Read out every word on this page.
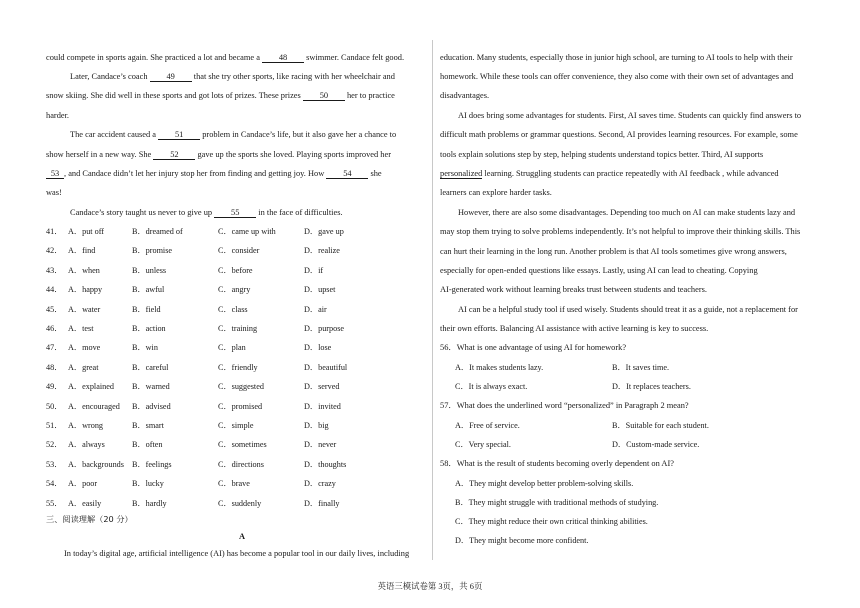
could compete in sports again. She practiced a lot and became a 48 swimmer. Candace felt good.
Later, Candace’s coach 49 that she try other sports, like racing with her wheelchair and
snow skiing. She did well in these sports and got lots of prizes. These prizes 50 her to practice
harder.
The car accident caused a 51 problem in Candace’s life, but it also gave her a chance to
show herself in a new way. She 52 gave up the sports she loved. Playing sports improved her
53 , and Candace didn’t let her injury stop her from finding and getting joy. How 54 she
was!
Candace’s story taught us never to give up 55 in the face of difficulties.
41． A．put off	B．dreamed of	C．came up with	D．gave up
42． A．find	B．promise	C．consider	D．realize
43． A．when	B．unless	C．before	D．if
44． A．happy	B．awful	C．angry	D．upset
45． A．water	B．field	C．class	D．air
46． A．test	B．action	C．training	D．purpose
47． A．move	B．win	C．plan	D．lose
48． A．great	B．careful	C．friendly	D．beautiful
49． A．explained B．warned	C．suggested	D．served
50． A．encouraged B．advised	C．promised	D．invited
51． A．wrong	B．smart	C．simple	D．big
52． A．always	B．often	C．sometimes	D．never
53． A．backgrounds B．feelings	C．directions	D．thoughts
54． A．poor	B．lucky	C．brave	D．crazy
55． A．easily	B．hardly	C．suddenly	D．finally
三、阅读理解（20 分）
A
In today’s digital age, artificial intelligence (AI) has become a popular tool in our daily lives, including
education. Many students, especially those in junior high school, are turning to AI tools to help with their
homework. While these tools can offer convenience, they also come with their own set of advantages and
disadvantages.
AI does bring some advantages for students. First, AI saves time. Students can quickly find answers to
difficult math problems or grammar questions. Second, AI provides learning resources. For example, some
tools explain solutions step by step, helping students understand topics better. Third, AI supports
personalized learning. Struggling students can practice repeatedly with AI feedback , while advanced
learners can explore harder tasks.
However, there are also some disadvantages. Depending too much on AI can make students lazy and
may stop them trying to solve problems independently. It’s not helpful to improve their thinking skills. This
can hurt their learning in the long run. Another problem is that AI tools sometimes give wrong answers,
especially for open-ended questions like essays. Lastly, using AI can lead to cheating. Copying
AI-generated work without learning breaks trust between students and teachers.
AI can be a helpful study tool if used wisely. Students should treat it as a guide, not a replacement for
their own efforts. Balancing AI assistance with active learning is key to success.
56．What is one advantage of using AI for homework?
A．It makes students lazy.	B．It saves time.
C．It is always exact.	D．It replaces teachers.
57．What does the underlined word “personalized” in Paragraph 2 mean?
A．Free of service.	B．Suitable for each student.
C．Very special.	D．Custom-made service.
58．What is the result of students becoming overly dependent on AI?
A．They might develop better problem-solving skills.
B．They might struggle with traditional methods of studying.
C．They might reduce their own critical thinking abilities.
D．They might become more confident.
英语三模试卷第 3页，共 6页
